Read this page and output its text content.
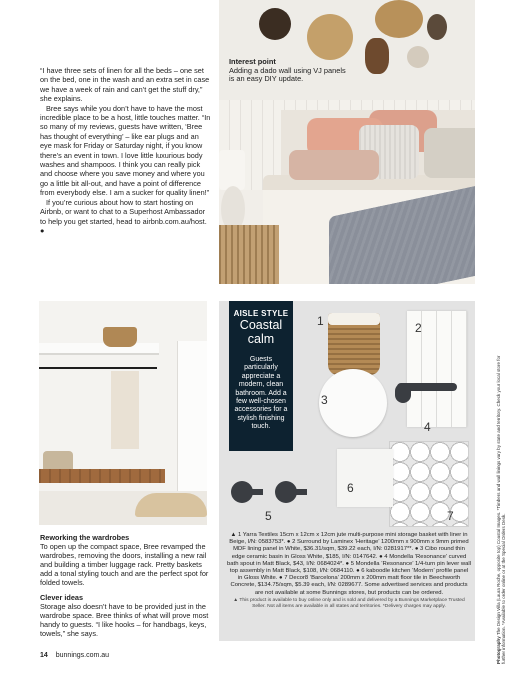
“I have three sets of linen for all the beds – one set on the bed, one in the wash and an extra set in case we have a week of rain and can’t get the stuff dry,” she explains.

Bree says while you don’t have to have the most incredible place to be a host, little touches matter. “In so many of my reviews, guests have written, ‘Bree has thought of everything’ – like ear plugs and an eye mask for Friday or Saturday night, if you know there’s an event in town. I love little luxurious body washes and shampoos. I think you can really pick and choose where you save money and where you go a little bit all-out, and have a point of difference from everybody else. I am a sucker for quality linen!”

If you’re curious about how to start hosting on Airbnb, or want to chat to a Superhost Ambassador to help you get started, head to airbnb.com.au/host. ●

Interest point
Adding a dado wall using VJ panels is an easy DIY update.
Reworking the wardrobes
To open up the compact space, Bree revamped the wardrobes, removing the doors, installing a new rail and building a timber luggage rack. Pretty baskets add a tonal styling touch and are the perfect spot for folded towels.
Clever ideas
Storage also doesn’t have to be provided just in the wardrobe space. Bree thinks of what will prove most handy to guests. “I like hooks – for handbags, keys, towels,” she says.
AISLE STYLE
Coastal
calm
Guests particularly appreciate a modern, clean bathroom. Add a few well-chosen accessories for a stylish finishing touch.
1	2
3
4
5
6
7
▲ 1 Yarra Textiles 15cm x 12cm x 12cm jute multi-purpose mini storage basket with liner in Beige, I/N: 0583753*. ● 2 Surround by Laminex ‘Heritage’ 1200mm x 900mm x 9mm primed MDF lining panel in White, $36.31/sqm, $39.22 each, I/N: 0281917**. ● 3 Cibo round thin edge ceramic basin in Gloss White, $185, I/N: 0147642. ● 4 Mondella ‘Resonance’ curved bath spout in Matt Black, $43, I/N: 0684024*. ● 5 Mondella ‘Resonance’ 1/4-turn pin lever wall top assembly in Matt Black, $108, I/N: 0684110. ● 6 kaboodle kitchen ‘Modern’ profile panel in Gloss White. ● 7 Decor8 ‘Barcelona’ 200mm x 200mm matt floor tile in Beechworth Concrete, $134.75/sqm, $5.39 each, I/N: 0289677. Some advertised services and products are not available at some Bunnings stores, but products can be ordered.
▲ This product is available to buy online only and is sold and delivered by a Bunnings Marketplace Trusted Seller. Not all items are available in all states and territories. *Delivery charges may apply.
Photography The Design Villa (Laura Roche, opposite top) Coastal Images. *Timbers and wall linings vary by state and territory. Check your local store for further information. *Available to order online or at the Special Orders Desk.
14 bunnings.com.au
